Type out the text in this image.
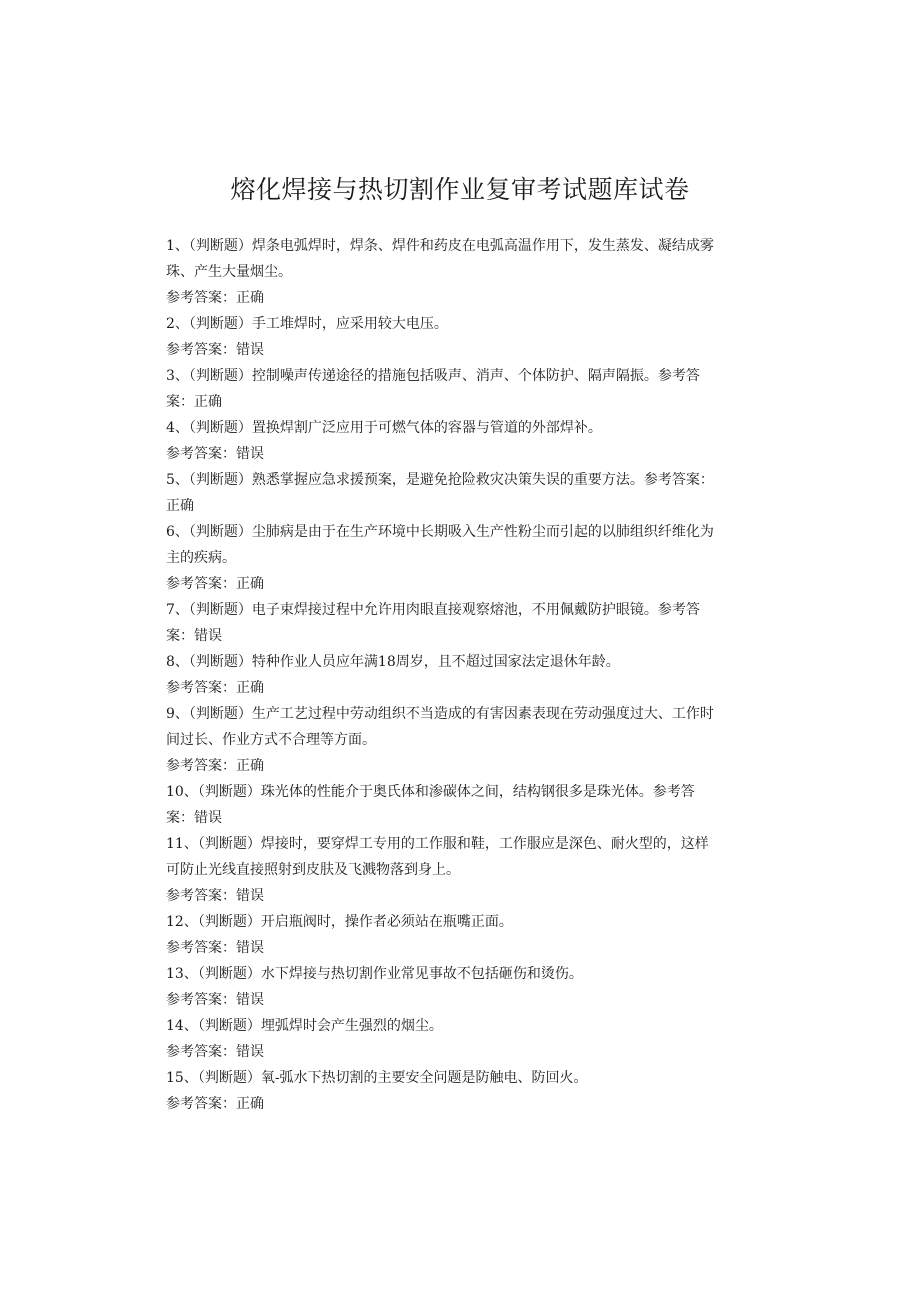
熔化焊接与热切割作业复审考试题库试卷
1、（判断题）焊条电弧焊时，焊条、焊件和药皮在电弧高温作用下，发生蒸发、凝结成雾
珠、产生大量烟尘。
参考答案：正确
2、（判断题）手工堆焊时，应采用较大电压。
参考答案：错误
3、（判断题）控制噪声传递途径的措施包括吸声、消声、个体防护、隔声隔振。参考答
案：正确
4、（判断题）置换焊割广泛应用于可燃气体的容器与管道的外部焊补。
参考答案：错误
5、（判断题）熟悉掌握应急求援预案，是避免抢险救灾决策失误的重要方法。参考答案：
正确
6、（判断题）尘肺病是由于在生产环境中长期吸入生产性粉尘而引起的以肺组织纤维化为
主的疾病。
参考答案：正确
7、（判断题）电子束焊接过程中允许用肉眼直接观察熔池，不用佩戴防护眼镜。参考答
案：错误
8、（判断题）特种作业人员应年满18周岁，且不超过国家法定退休年龄。
参考答案：正确
9、（判断题）生产工艺过程中劳动组织不当造成的有害因素表现在劳动强度过大、工作时
间过长、作业方式不合理等方面。
参考答案：正确
10、（判断题）珠光体的性能介于奥氏体和渗碳体之间，结构钢很多是珠光体。参考答
案：错误
11、（判断题）焊接时，要穿焊工专用的工作服和鞋，工作服应是深色、耐火型的，这样
可防止光线直接照射到皮肤及飞溅物落到身上。
参考答案：错误
12、（判断题）开启瓶阀时，操作者必须站在瓶嘴正面。
参考答案：错误
13、（判断题）水下焊接与热切割作业常见事故不包括砸伤和烫伤。
参考答案：错误
14、（判断题）埋弧焊时会产生强烈的烟尘。
参考答案：错误
15、（判断题）氧-弧水下热切割的主要安全问题是防触电、防回火。
参考答案：正确
